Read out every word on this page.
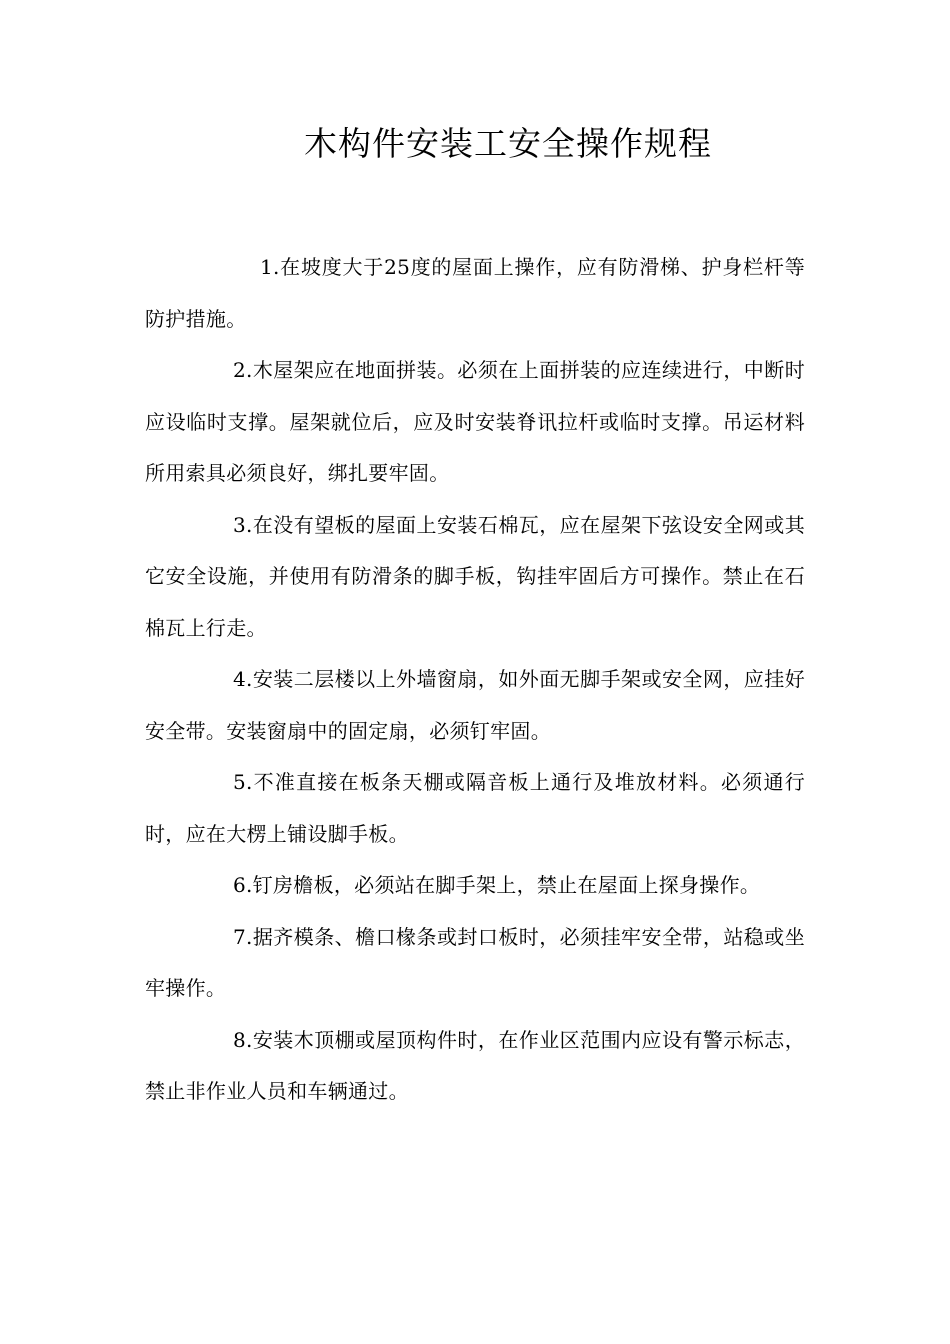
木构件安装工安全操作规程

1.在坡度大于25度的屋面上操作，应有防滑梯、护身栏杆等防护措施。

2.木屋架应在地面拼装。必须在上面拼装的应连续进行，中断时应设临时支撑。屋架就位后，应及时安装脊讯拉杆或临时支撑。吊运材料所用索具必须良好，绑扎要牢固。

3.在没有望板的屋面上安装石棉瓦，应在屋架下弦设安全网或其它安全设施，并使用有防滑条的脚手板，钩挂牢固后方可操作。禁止在石棉瓦上行走。

4.安装二层楼以上外墙窗扇，如外面无脚手架或安全网，应挂好安全带。安装窗扇中的固定扇，必须钉牢固。

5.不准直接在板条天棚或隔音板上通行及堆放材料。必须通行时，应在大楞上铺设脚手板。

6.钉房檐板，必须站在脚手架上，禁止在屋面上探身操作。

7.据齐模条、檐口椽条或封口板时，必须挂牢安全带，站稳或坐牢操作。

8.安装木顶棚或屋顶构件时，在作业区范围内应设有警示标志，禁止非作业人员和车辆通过。
